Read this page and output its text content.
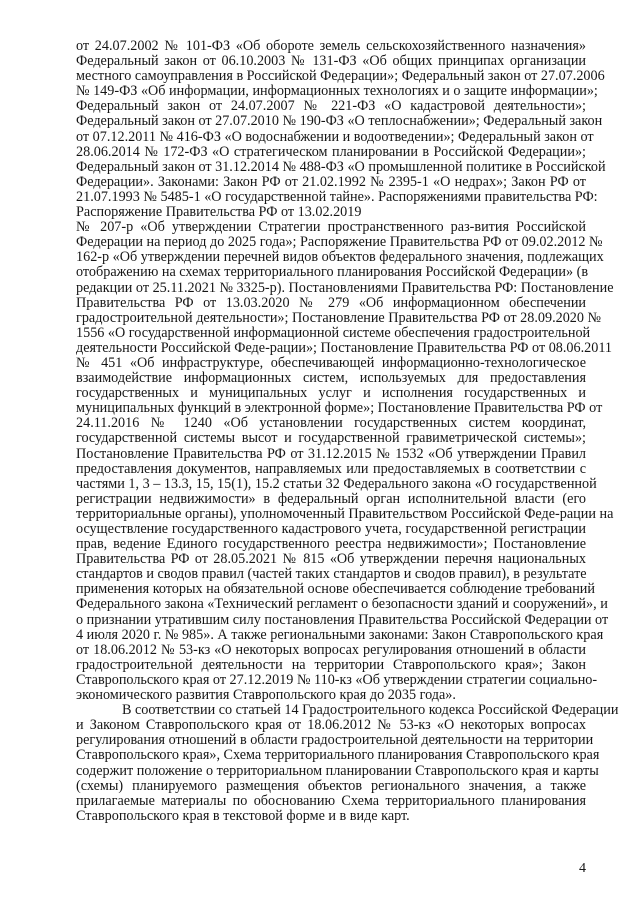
от 24.07.2002 № 101-ФЗ «Об обороте земель сельскохозяйственного назначения»
Федеральный закон от 06.10.2003 № 131-ФЗ «Об общих принципах организации
местного самоуправления в Российской Федерации»; Федеральный закон от 27.07.2006
№ 149-ФЗ «Об информации, информационных технологиях и о защите информации»;
Федеральный закон от 24.07.2007 № 221-ФЗ «О кадастровой деятельности»;
Федеральный закон от 27.07.2010 № 190-ФЗ «О теплоснабжении»; Федеральный закон
от 07.12.2011 № 416-ФЗ «О водоснабжении и водоотведении»; Федеральный закон от
28.06.2014 № 172-ФЗ «О стратегическом планировании в Российской Федерации»;
Федеральный закон от 31.12.2014 № 488-ФЗ «О промышленной политике в Российской
Федерации». Законами: Закон РФ от 21.02.1992 № 2395-1 «О недрах»; Закон РФ от
21.07.1993 № 5485-1 «О государственной тайне». Распоряжениями правительства РФ:
Распоряжение Правительства РФ от 13.02.2019
№ 207-р «Об утверждении Стратегии пространственного раз-вития Российской
Федерации на период до 2025 года»; Распоряжение Правительства РФ от 09.02.2012 №
162-р «Об утверждении перечней видов объектов федерального значения, подлежащих
отображению на схемах территориального планирования Российской Федерации» (в
редакции от 25.11.2021 № 3325-р). Постановлениями Правительства РФ: Постановление
Правительства РФ от 13.03.2020 № 279 «Об информационном обеспечении
градостроительной деятельности»; Постановление Правительства РФ от 28.09.2020 №
1556 «О государственной информационной системе обеспечения градостроительной
деятельности Российской Феде-рации»; Постановление Правительства РФ от 08.06.2011
№ 451 «Об инфраструктуре, обеспечивающей информационно-технологическое
взаимодействие информационных систем, используемых для предоставления
государственных и муниципальных услуг и исполнения государственных и
муниципальных функций в электронной форме»; Постановление Правительства РФ от
24.11.2016 № 1240 «Об установлении государственных систем координат,
государственной системы высот и государственной гравиметрической системы»;
Постановление Правительства РФ от 31.12.2015 № 1532 «Об утверждении Правил
предоставления документов, направляемых или предоставляемых в соответствии с
частями 1, 3 – 13.3, 15, 15(1), 15.2 статьи 32 Федерального закона «О государственной
регистрации недвижимости» в федеральный орган исполнительной власти (его
территориальные органы), уполномоченный Правительством Российской Феде-рации на
осуществление государственного кадастрового учета, государственной регистрации
прав, ведение Единого государственного реестра недвижимости»; Постановление
Правительства РФ от 28.05.2021 № 815 «Об утверждении перечня национальных
стандартов и сводов правил (частей таких стандартов и сводов правил), в результате
применения которых на обязательной основе обеспечивается соблюдение требований
Федерального закона «Технический регламент о безопасности зданий и сооружений», и
о признании утратившим силу постановления Правительства Российской Федерации от
4 июля 2020 г. № 985». А также региональными законами: Закон Ставропольского края
от 18.06.2012 № 53-кз «О некоторых вопросах регулирования отношений в области
градостроительной деятельности на территории Ставропольского края»; Закон
Ставропольского края от 27.12.2019 № 110-кз «Об утверждении стратегии социально-
экономического развития Ставропольского края до 2035 года».
В соответствии со статьей 14 Градостроительного кодекса Российской Федерации
и Законом Ставропольского края от 18.06.2012 № 53-кз «О некоторых вопросах
регулирования отношений в области градостроительной деятельности на территории
Ставропольского края», Схема территориального планирования Ставропольского края
содержит положение о территориальном планировании Ставропольского края и карты
(схемы) планируемого размещения объектов регионального значения, а также
прилагаемые материалы по обоснованию Схема территориального планирования
Ставропольского края в текстовой форме и в виде карт.
4
